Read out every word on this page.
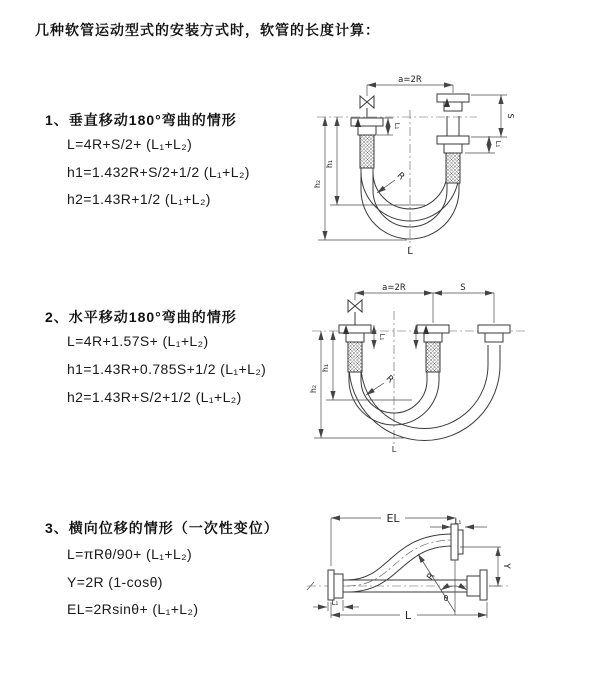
几种软管运动型式的安装方式时，软管的长度计算：
1、垂直移动180°弯曲的情形
L=4R+S/2+ (L₁+L₂)
h1=1.432R+S/2+1/2 (L₁+L₂)
h2=1.43R+1/2 (L₁+L₂)
2、水平移动180°弯曲的情形
L=4R+1.57S+ (L₁+L₂)
h1=1.43R+0.785S+1/2 (L₁+L₂)
h2=1.43R+S/2+1/2 (L₁+L₂)
3、横向位移的情形（一次性变位）
L=πRθ/90+ (L₁+L₂)
Y=2R (1-cosθ)
EL=2Rsinθ+ (L₁+L₂)
a=2R
S
L₁
L₁
h₁
h₂
R
L
a=2R	S
L₁
h₁
h₂
R
L
EL	L₁
Y
R
θ
L
L₁
